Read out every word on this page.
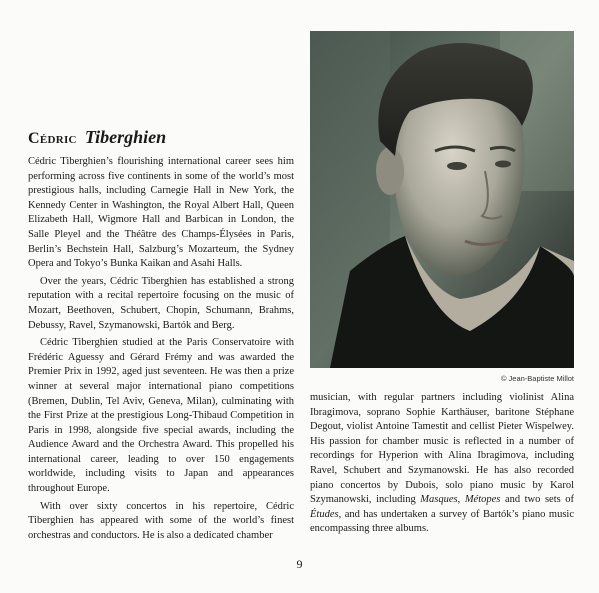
Cédric Tiberghien

Cédric Tiberghien’s flourishing international career sees him performing across five continents in some of the world’s most prestigious halls, including Carnegie Hall in New York, the Kennedy Center in Washington, the Royal Albert Hall, Queen Elizabeth Hall, Wigmore Hall and Barbican in London, the Salle Pleyel and the Théâtre des Champs-Élysées in Paris, Berlin’s Bechstein Hall, Salzburg’s Mozarteum, the Sydney Opera and Tokyo’s Bunka Kaikan and Asahi Halls.

Over the years, Cédric Tiberghien has established a strong reputation with a recital repertoire focusing on the music of Mozart, Beethoven, Schubert, Chopin, Schumann, Brahms, Debussy, Ravel, Szymanowski, Bartók and Berg.

Cédric Tiberghien studied at the Paris Conservatoire with Frédéric Aguessy and Gérard Frémy and was awarded the Premier Prix in 1992, aged just seventeen. He was then a prize winner at several major international piano competitions (Bremen, Dublin, Tel Aviv, Geneva, Milan), culminating with the First Prize at the prestigious Long-Thibaud Competition in Paris in 1998, alongside five special awards, including the Audience Award and the Orchestra Award. This propelled his international career, leading to over 150 engagements worldwide, including visits to Japan and appearances throughout Europe.

With over sixty concertos in his repertoire, Cédric Tiberghien has appeared with some of the world’s finest orchestras and conductors. He is also a dedicated chamber

© Jean-Baptiste Millot

musician, with regular partners including violinist Alina Ibragimova, soprano Sophie Karthäuser, baritone Stéphane Degout, violist Antoine Tamestit and cellist Pieter Wispelwey. His passion for chamber music is reflected in a number of recordings for Hyperion with Alina Ibragimova, including Ravel, Schubert and Szymanowski. He has also recorded piano concertos by Dubois, solo piano music by Karol Szymanowski, including Masques, Métopes and two sets of Études, and has undertaken a survey of Bartók’s piano music encompassing three albums.

9
